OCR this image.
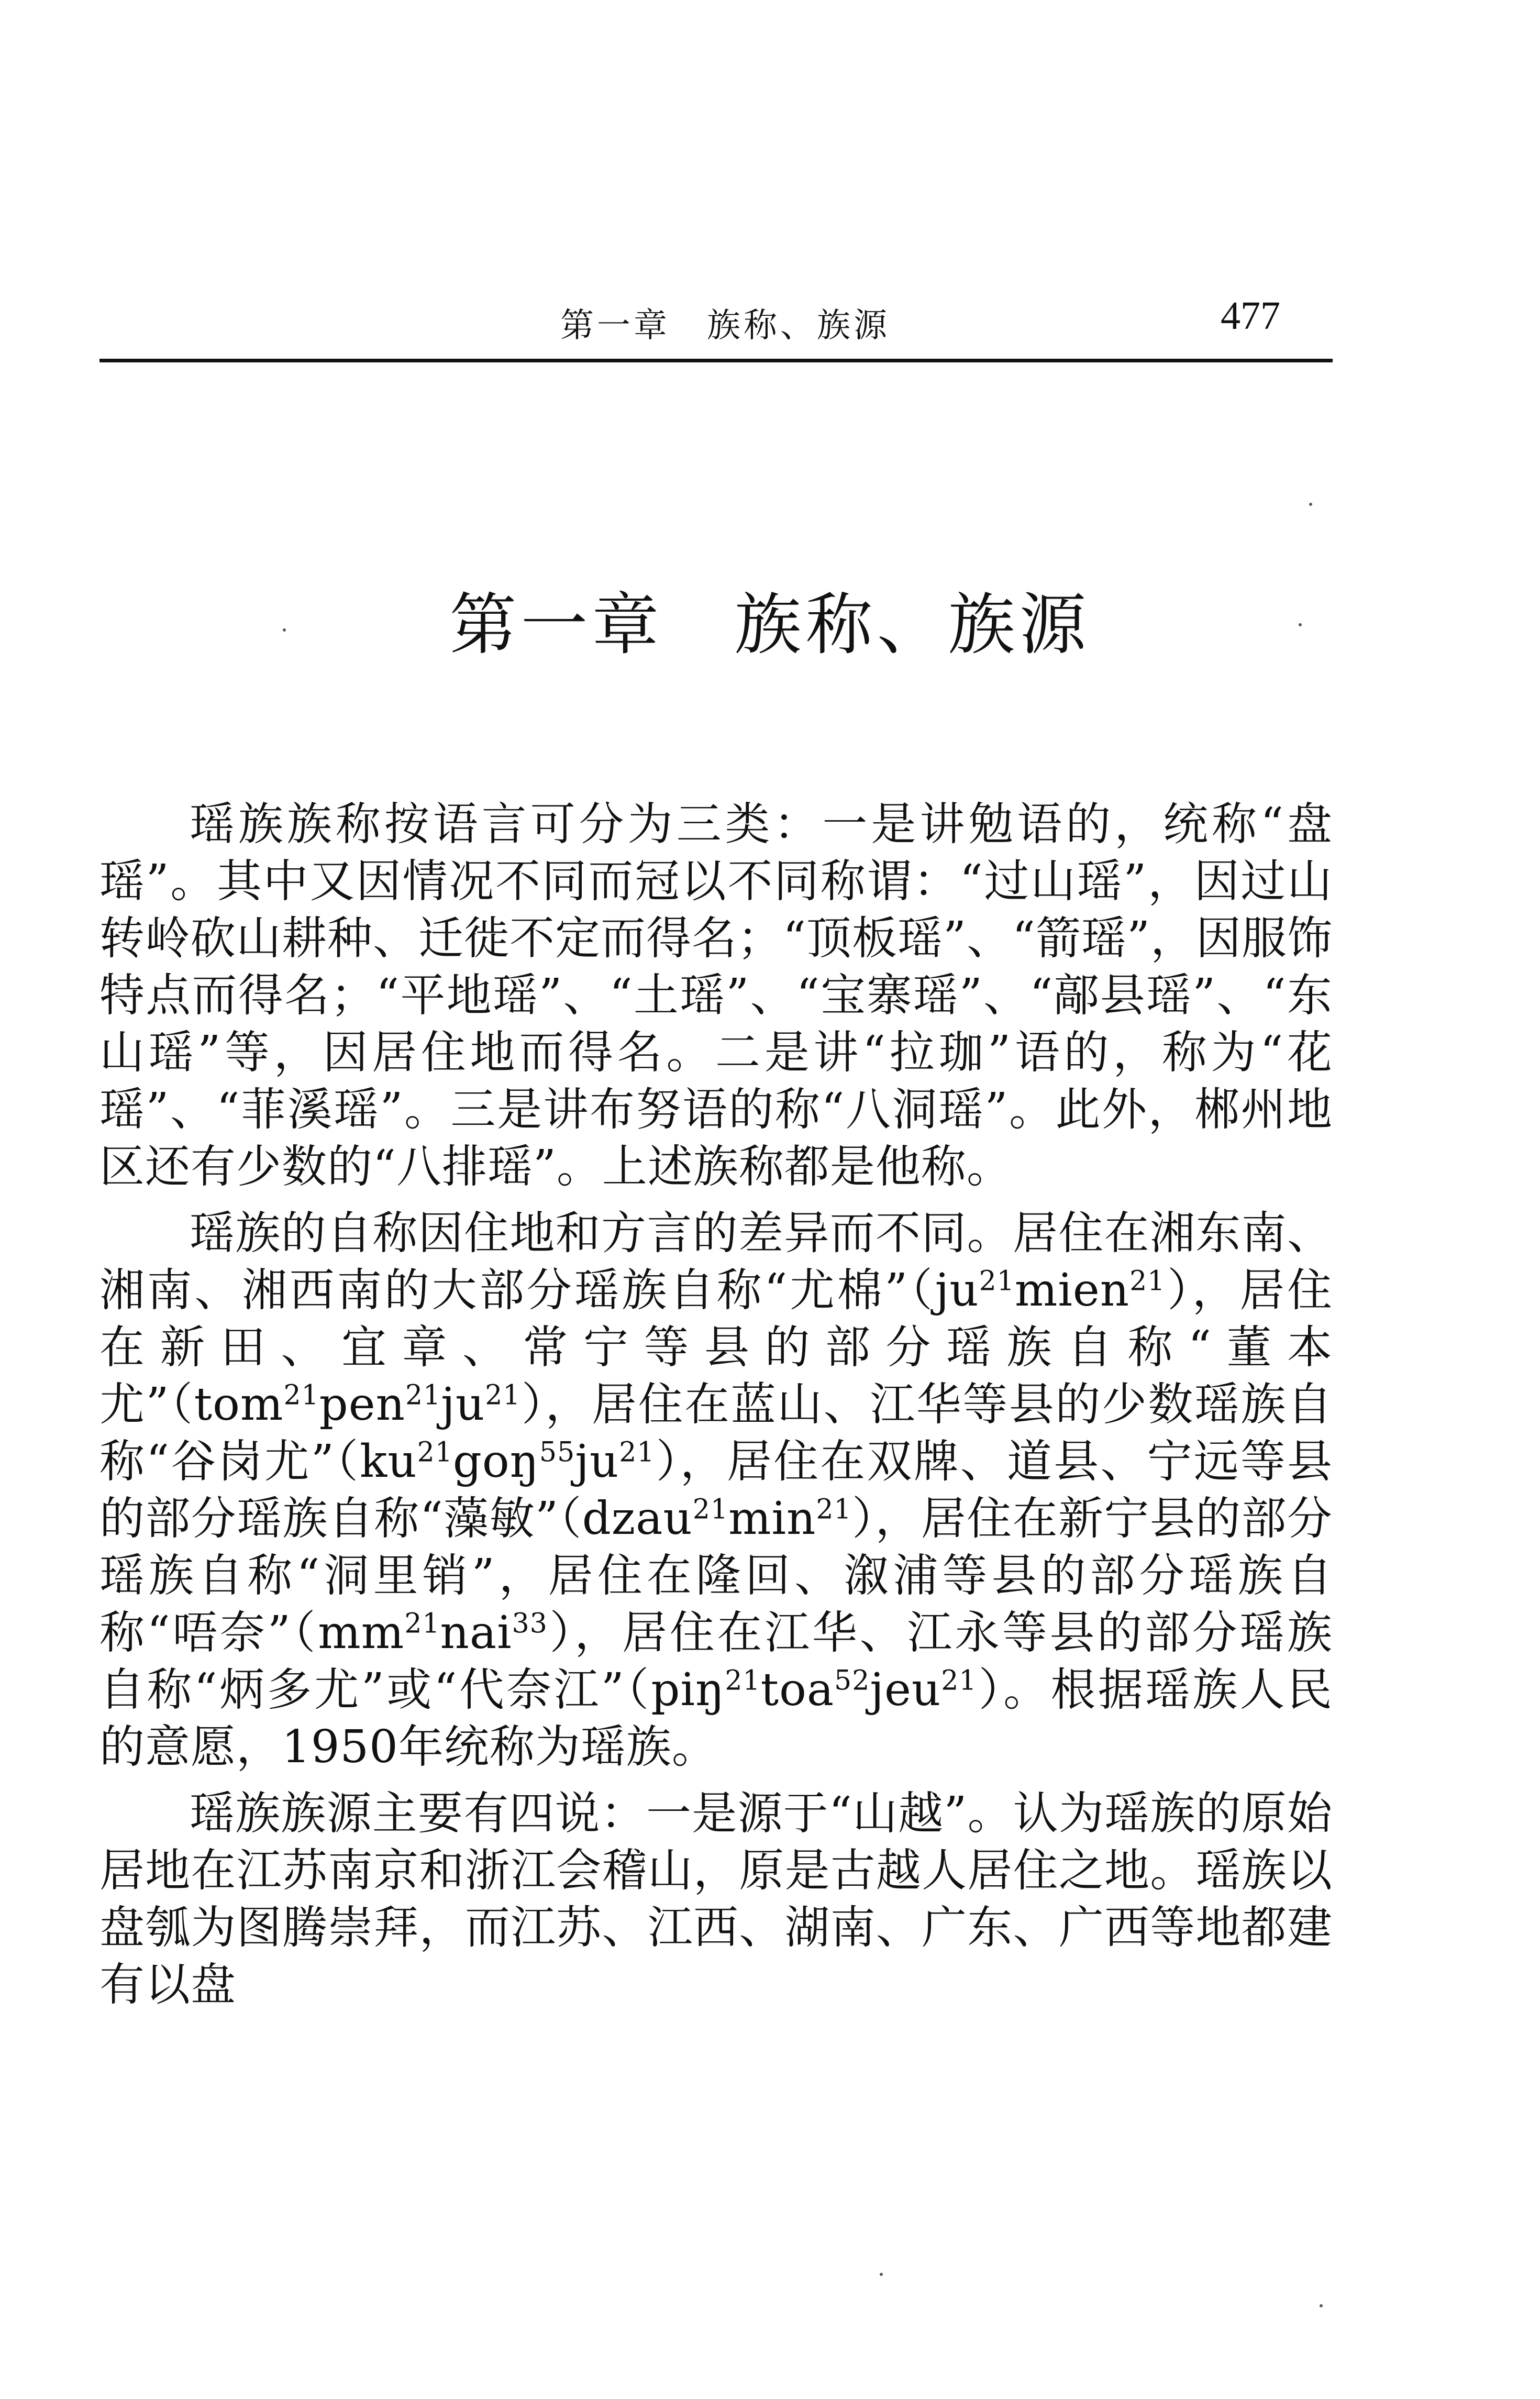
第一章　族称、族源	477
第一章　族称、族源

瑶族族称按语言可分为三类：一是讲勉语的，统称“盘瑶”。其中又因情况不同而冠以不同称谓：“过山瑶”，因过山转岭砍山耕种、迁徙不定而得名；“顶板瑶”、“箭瑶”，因服饰特点而得名；“平地瑶”、“土瑶”、“宝寨瑶”、“鄗县瑶”、“东山瑶”等，因居住地而得名。二是讲“拉珈”语的，称为“花瑶”、“菲溪瑶”。三是讲布努语的称“八洞瑶”。此外，郴州地区还有少数的“八排瑶”。上述族称都是他称。

瑶族的自称因住地和方言的差异而不同。居住在湘东南、湘南、湘西南的大部分瑶族自称“尤棉$”(ju^{21}mien^{21})$，居住在新田、宜章、常宁等县的部分瑶族自称“董本尤$”(tom^{21}pen^{21}ju^{21})$，居住在蓝山、江华等县的少数瑶族自称“谷岗尤$”(ku^{21}goŋ^{55}ju^{21})$，居住在双牌、道县、宁远等县的部分瑶族自称“藻敏$”(dzau^{21}\min^{21})$，居住在新宁县的部分瑶族自称“洞里销”，居住在隆回、溆浦等县的部分瑶族自称“唔奈$”(mm^{21}nai^{33})$，居住在江华、江永等县的部分瑶族自称“炳多尤”或“代奈江”（piŋ$^{21}$toa$^{52}$jeu$^{21}$）。根据瑶族人民的意愿，1950年统称为瑶族。

瑶族族源主要有四说：一是源于“山越”。认为瑶族的原始居地在江苏南京和浙江会稽山，原是古越人居住之地。瑶族以盘瓠为图腾崇拜，而江苏、江西、湖南、广东、广西等地都建有以盘
